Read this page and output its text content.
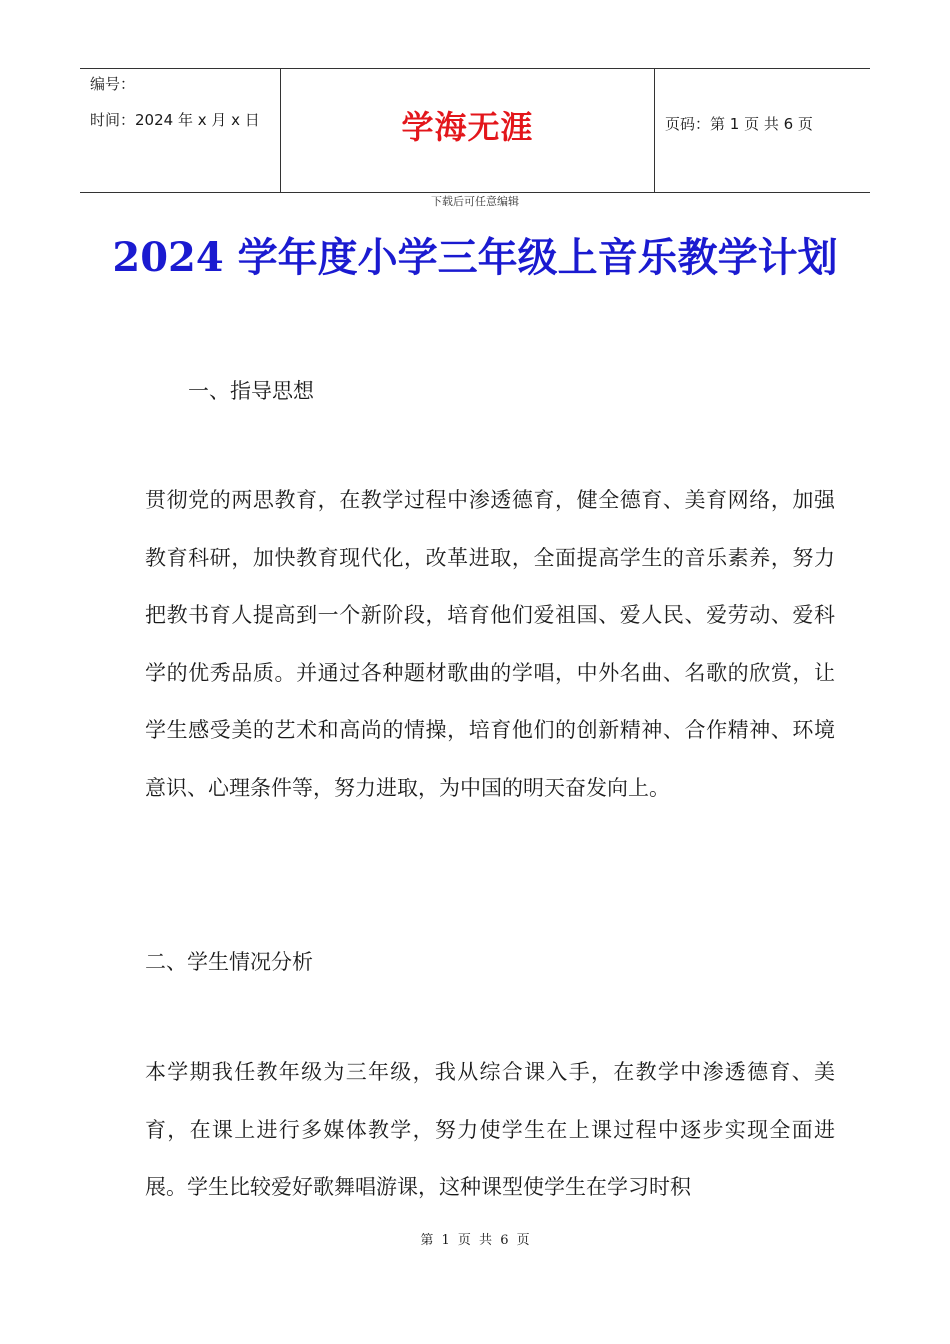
编号：
时间：2024 年 x 月 x 日	学海无涯	页码：第 1 页 共 6 页
下载后可任意编辑
2024 学年度小学三年级上音乐教学计划
一、指导思想

贯彻党的两思教育，在教学过程中渗透德育，健全德育、美育网络，加强教育科研，加快教育现代化，改革进取，全面提高学生的音乐素养，努力把教书育人提高到一个新阶段，培育他们爱祖国、爱人民、爱劳动、爱科学的优秀品质。并通过各种题材歌曲的学唱，中外名曲、名歌的欣赏，让学生感受美的艺术和高尚的情操，培育他们的创新精神、合作精神、环境意识、心理条件等，努力进取，为中国的明天奋发向上。

二、学生情况分析

本学期我任教年级为三年级，我从综合课入手，在教学中渗透德育、美育，在课上进行多媒体教学，努力使学生在上课过程中逐步实现全面进展。学生比较爱好歌舞唱游课，这种课型使学生在学习时积

第 1 页 共 6 页
